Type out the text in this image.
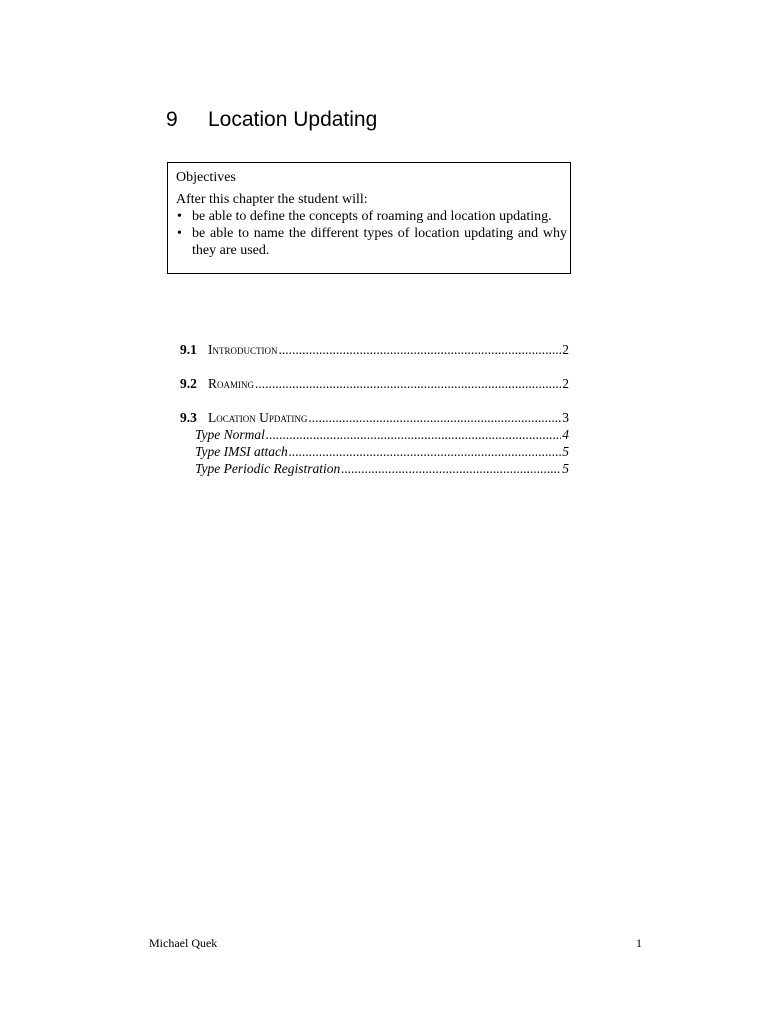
9 Location Updating

Objectives

After this chapter the student will:

• be able to define the concepts of roaming and location updating.
• be able to name the different types of location updating and why they are used.
9.1 Introduction .....	2
9.2 Roaming .....	2
9.3 Location Updating .....	3
Type Normal .....	4
Type IMSI attach .....	5
Type Periodic Registration .....	5
Michael Quek	1
